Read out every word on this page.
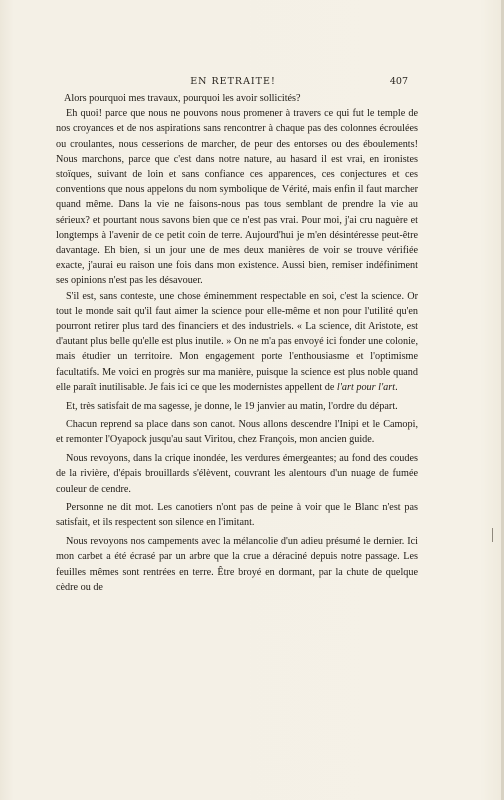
EN RETRAITE!	407

Alors pourquoi mes travaux, pourquoi les avoir sollicités?

Eh quoi! parce que nous ne pouvons nous promener à travers ce qui fut le temple de nos croyances et de nos aspirations sans rencontrer à chaque pas des colonnes écroulées ou croulantes, nous cesserions de marcher, de peur des entorses ou des éboulements! Nous marchons, parce que c'est dans notre nature, au hasard il est vrai, en ironistes stoïques, suivant de loin et sans confiance ces apparences, ces conjectures et ces conventions que nous appelons du nom symbolique de Vérité, mais enfin il faut marcher quand même. Dans la vie ne faisons-nous pas tous semblant de prendre la vie au sérieux? et pourtant nous savons bien que ce n'est pas vrai. Pour moi, j'ai cru naguère et longtemps à l'avenir de ce petit coin de terre. Aujourd'hui je m'en désintéresse peut-être davantage. Eh bien, si un jour une de mes deux manières de voir se trouve vérifiée exacte, j'aurai eu raison une fois dans mon existence. Aussi bien, remiser indéfiniment ses opinions n'est pas les désavouer.

S'il est, sans conteste, une chose éminemment respectable en soi, c'est la science. Or tout le monde sait qu'il faut aimer la science pour elle-même et non pour l'utilité qu'en pourront retirer plus tard des financiers et des industriels. « La science, dit Aristote, est d'autant plus belle qu'elle est plus inutile. » On ne m'a pas envoyé ici fonder une colonie, mais étudier un territoire. Mon engagement porte l'enthousiasme et l'optimisme facultatifs. Me voici en progrès sur ma manière, puisque la science est plus noble quand elle paraît inutilisable. Je fais ici ce que les modernistes appellent de l'art pour l'art.

Et, très satisfait de ma sagesse, je donne, le 19 janvier au matin, l'ordre du départ.

Chacun reprend sa place dans son canot. Nous allons descendre l'Inipi et le Camopi, et remonter l'Oyapock jusqu'au saut Viritou, chez François, mon ancien guide.

Nous revoyons, dans la crique inondée, les verdures émergeantes; au fond des coudes de la rivière, d'épais brouillards s'élèvent, couvrant les alentours d'un nuage de fumée couleur de cendre.

Personne ne dit mot. Les canotiers n'ont pas de peine à voir que le Blanc n'est pas satisfait, et ils respectent son silence en l'imitant.

Nous revoyons nos campements avec la mélancolie d'un adieu présumé le dernier. Ici mon carbet a été écrasé par un arbre que la crue a déraciné depuis notre passage. Les feuilles mêmes sont rentrées en terre. Être broyé en dormant, par la chute de quelque cèdre ou de
